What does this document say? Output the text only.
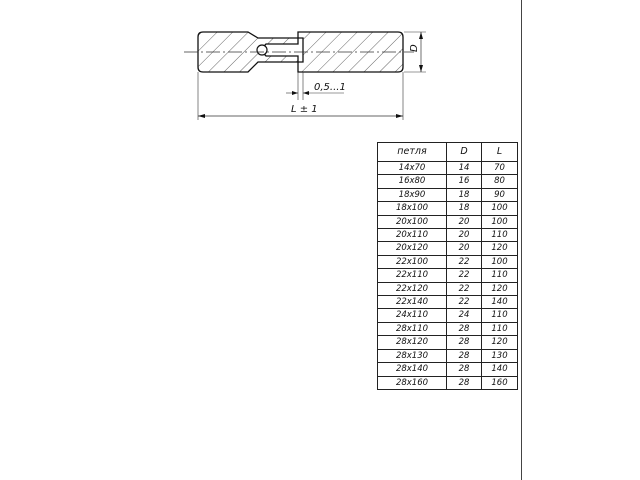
D
0,5...1
L ± 1
петля	D	L
14x70	14	70
16x80	16	80
18x90	18	90
18x100	18	100
20x100	20	100
20x110	20	110
20x120	20	120
22x100	22	100
22x110	22	110
22x120	22	120
22x140	22	140
24x110	24	110
28x110	28	110
28x120	28	120
28x130	28	130
28x140	28	140
28x160	28	160
